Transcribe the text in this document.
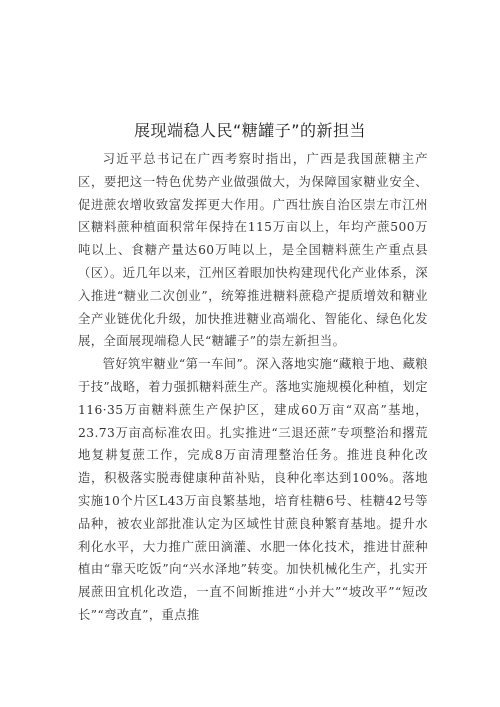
展现端稳人民“糖罐子”的新担当

习近平总书记在广西考察时指出，广西是我国蔗糖主产区，要把这一特色优势产业做强做大，为保障国家糖业安全、促进蔗农增收致富发挥更大作用。广西壮族自治区崇左市江州区糖料蔗种植面积常年保持在115万亩以上，年均产蔗500万吨以上、食糖产量达60万吨以上，是全国糖料蔗生产重点县（区）。近几年以来，江州区着眼加快构建现代化产业体系，深入推进“糖业二次创业”，统筹推进糖料蔗稳产提质增效和糖业全产业链优化升级，加快推进糖业高端化、智能化、绿色化发展，全面展现端稳人民“糖罐子”的崇左新担当。

管好筑牢糖业“第一车间”。深入落地实施“藏粮于地、藏粮于技”战略，着力强抓糖料蔗生产。落地实施规模化种植，划定116·35万亩糖料蔗生产保护区，建成60万亩“双高”基地，23.73万亩高标准农田。扎实推进“三退还蔗”专项整治和撂荒地复耕复蔗工作，完成8万亩清理整治任务。推进良种化改造，积极落实脱毒健康种苗补贴，良种化率达到100%。落地实施10个片区L43万亩良繁基地，培育桂糖6号、桂糖42号等品种，被农业部批准认定为区域性甘蔗良种繁育基地。提升水利化水平，大力推广蔗田滴灌、水肥一体化技术，推进甘蔗种植由“靠天吃饭”向“兴水泽地”转变。加快机械化生产，扎实开展蔗田宜机化改造，一直不间断推进“小并大”“坡改平”“短改长”“弯改直”，重点推
